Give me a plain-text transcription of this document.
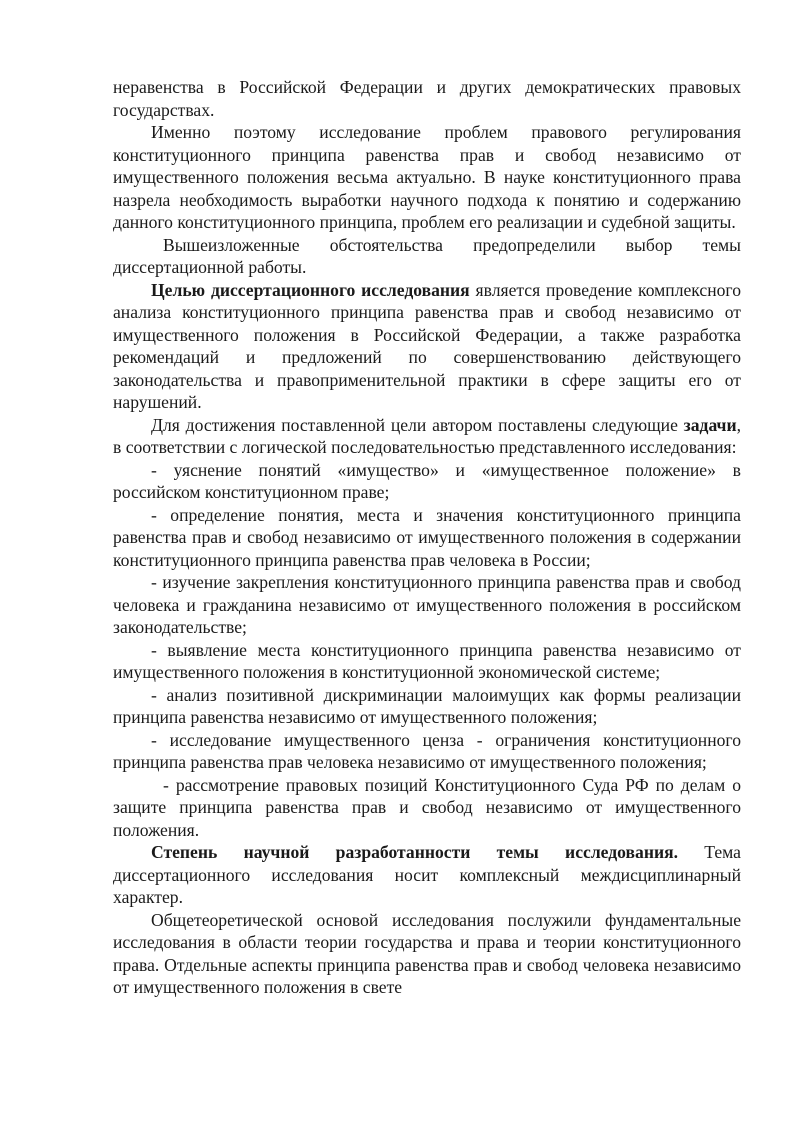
неравенства в Российской Федерации и других демократических правовых государствах.

Именно поэтому исследование проблем правового регулирования конституционного принципа равенства прав и свобод независимо от имущественного положения весьма актуально. В науке конституционного права назрела необходимость выработки научного подхода к понятию и содержанию данного конституционного принципа, проблем его реализации и судебной защиты.

Вышеизложенные обстоятельства предопределили выбор темы диссертационной работы.

Целью диссертационного исследования является проведение комплексного анализа конституционного принципа равенства прав и свобод независимо от имущественного положения в Российской Федерации, а также разработка рекомендаций и предложений по совершенствованию действующего законодательства и правоприменительной практики в сфере защиты его от нарушений.

Для достижения поставленной цели автором поставлены следующие задачи, в соответствии с логической последовательностью представленного исследования:

- уяснение понятий «имущество» и «имущественное положение» в российском конституционном праве;

- определение понятия, места и значения конституционного принципа равенства прав и свобод независимо от имущественного положения в содержании конституционного принципа равенства прав человека в России;

- изучение закрепления конституционного принципа равенства прав и свобод человека и гражданина независимо от имущественного положения в российском законодательстве;

- выявление места конституционного принципа равенства независимо от имущественного положения в конституционной экономической системе;

- анализ позитивной дискриминации малоимущих как формы реализации принципа равенства независимо от имущественного положения;

- исследование имущественного ценза - ограничения конституционного принципа равенства прав человека независимо от имущественного положения;

- рассмотрение правовых позиций Конституционного Суда РФ по делам о защите принципа равенства прав и свобод независимо от имущественного положения.

Степень научной разработанности темы исследования. Тема диссертационного исследования носит комплексный междисциплинарный характер.

Общетеоретической основой исследования послужили фундаментальные исследования в области теории государства и права и теории конституционного права. Отдельные аспекты принципа равенства прав и свобод человека независимо от имущественного положения в свете
